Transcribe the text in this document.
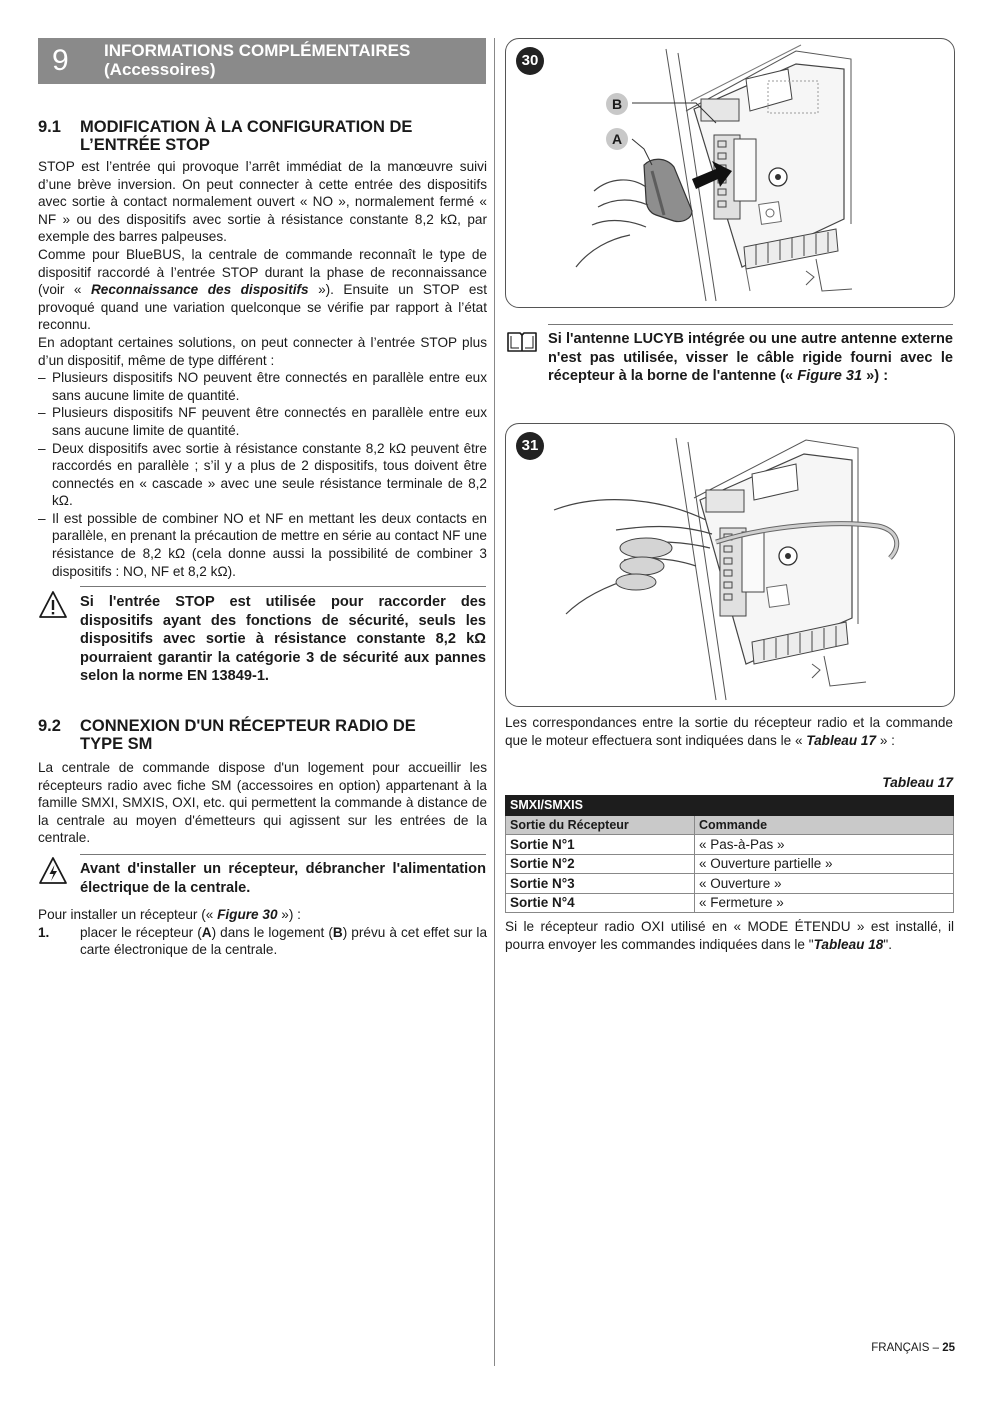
9 INFORMATIONS COMPLÉMENTAIRES
(Accessoires)
9.1 MODIFICATION À LA CONFIGURATION DE
L’ENTRÉE STOP

STOP est l’entrée qui provoque l’arrêt immédiat de la manœuvre suivi d’une brève inversion. On peut connecter à cette entrée des dispositifs avec sortie à contact normalement ouvert « NO », normalement fermé « NF » ou des dispositifs avec sortie à résistance constante 8,2 kΩ, par exemple des barres palpeuses.

Comme pour BlueBUS, la centrale de commande reconnaît le type de dispositif raccordé à l’entrée STOP durant la phase de reconnaissance (voir « Reconnaissance des dispositifs »). Ensuite un STOP est provoqué quand une variation quelconque se vérifie par rapport à l’état reconnu.

En adoptant certaines solutions, on peut connecter à l’entrée STOP plus d’un dispositif, même de type différent :

– Plusieurs dispositifs NO peuvent être connectés en parallèle entre eux sans aucune limite de quantité.

– Plusieurs dispositifs NF peuvent être connectés en parallèle entre eux sans aucune limite de quantité.

– Deux dispositifs avec sortie à résistance constante 8,2 kΩ peuvent être raccordés en parallèle ; s’il y a plus de 2 dispositifs, tous doivent être connectés en « cascade » avec une seule résistance terminale de 8,2 kΩ.

– Il est possible de combiner NO et NF en mettant les deux contacts en parallèle, en prenant la précaution de mettre en série au contact NF une résistance de 8,2 kΩ (cela donne aussi la possibilité de combiner 3 dispositifs : NO, NF et 8,2 kΩ).

Si l'entrée STOP est utilisée pour raccorder des dispositifs ayant des fonctions de sécurité, seuls les dispositifs avec sortie à résistance constante 8,2 kΩ pourraient garantir la catégorie 3 de sécurité aux pannes selon la norme EN 13849-1.
9.2 CONNEXION D'UN RÉCEPTEUR RADIO DE
TYPE SM

La centrale de commande dispose d'un logement pour accueillir les récepteurs radio avec fiche SM (accessoires en option) appartenant à la famille SMXI, SMXIS, OXI, etc. qui permettent la commande à distance de la centrale au moyen d'émetteurs qui agissent sur les entrées de la centrale.

Avant d'installer un récepteur, débrancher l'alimentation électrique de la centrale.

Pour installer un récepteur (« Figure 30 ») :

1. placer le récepteur (A) dans le logement (B) prévu à cet effet sur la carte électronique de la centrale.

30
B
A
Si l'antenne LUCYB intégrée ou une autre antenne externe n'est pas utilisée, visser le câble rigide fourni avec le récepteur à la borne de l'antenne (« Figure 31 ») :
31

Les correspondances entre la sortie du récepteur radio et la commande que le moteur effectuera sont indiquées dans le « Tableau 17 » :

Tableau 17
SMXI/SMXIS	
Sortie du Récepteur	Commande
Sortie N°1	« Pas-à-Pas »
Sortie N°2	« Ouverture partielle »
Sortie N°3	« Ouverture »
Sortie N°4	« Fermeture »

Si le récepteur radio OXI utilisé en « MODE ÉTENDU » est installé, il pourra envoyer les commandes indiquées dans le "Tableau 18".

FRANÇAIS – 25
